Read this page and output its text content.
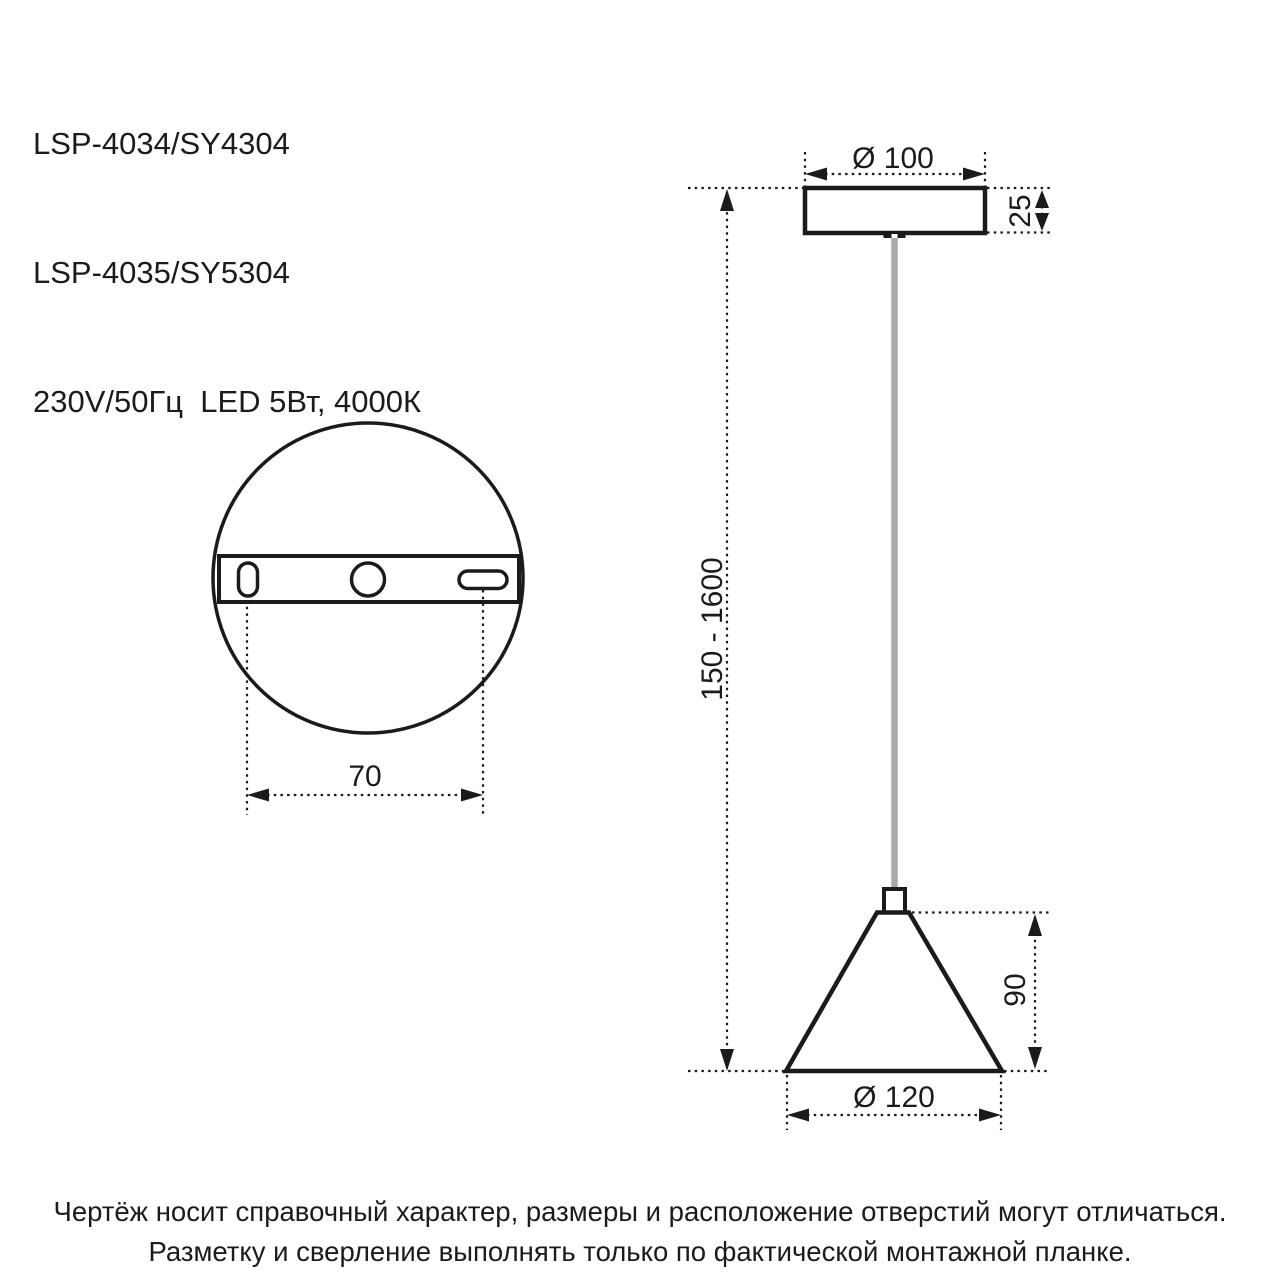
LSP-4034/SY4304

LSP-4035/SY5304

230V/50Гц  LED 5Вт, 4000К

70
Ø 100
150 - 1600
25
90
Ø 120
Чертёж носит справочный характер, размеры и расположение отверстий могут отличаться.
Разметку и сверление выполнять только по фактической монтажной планке.
